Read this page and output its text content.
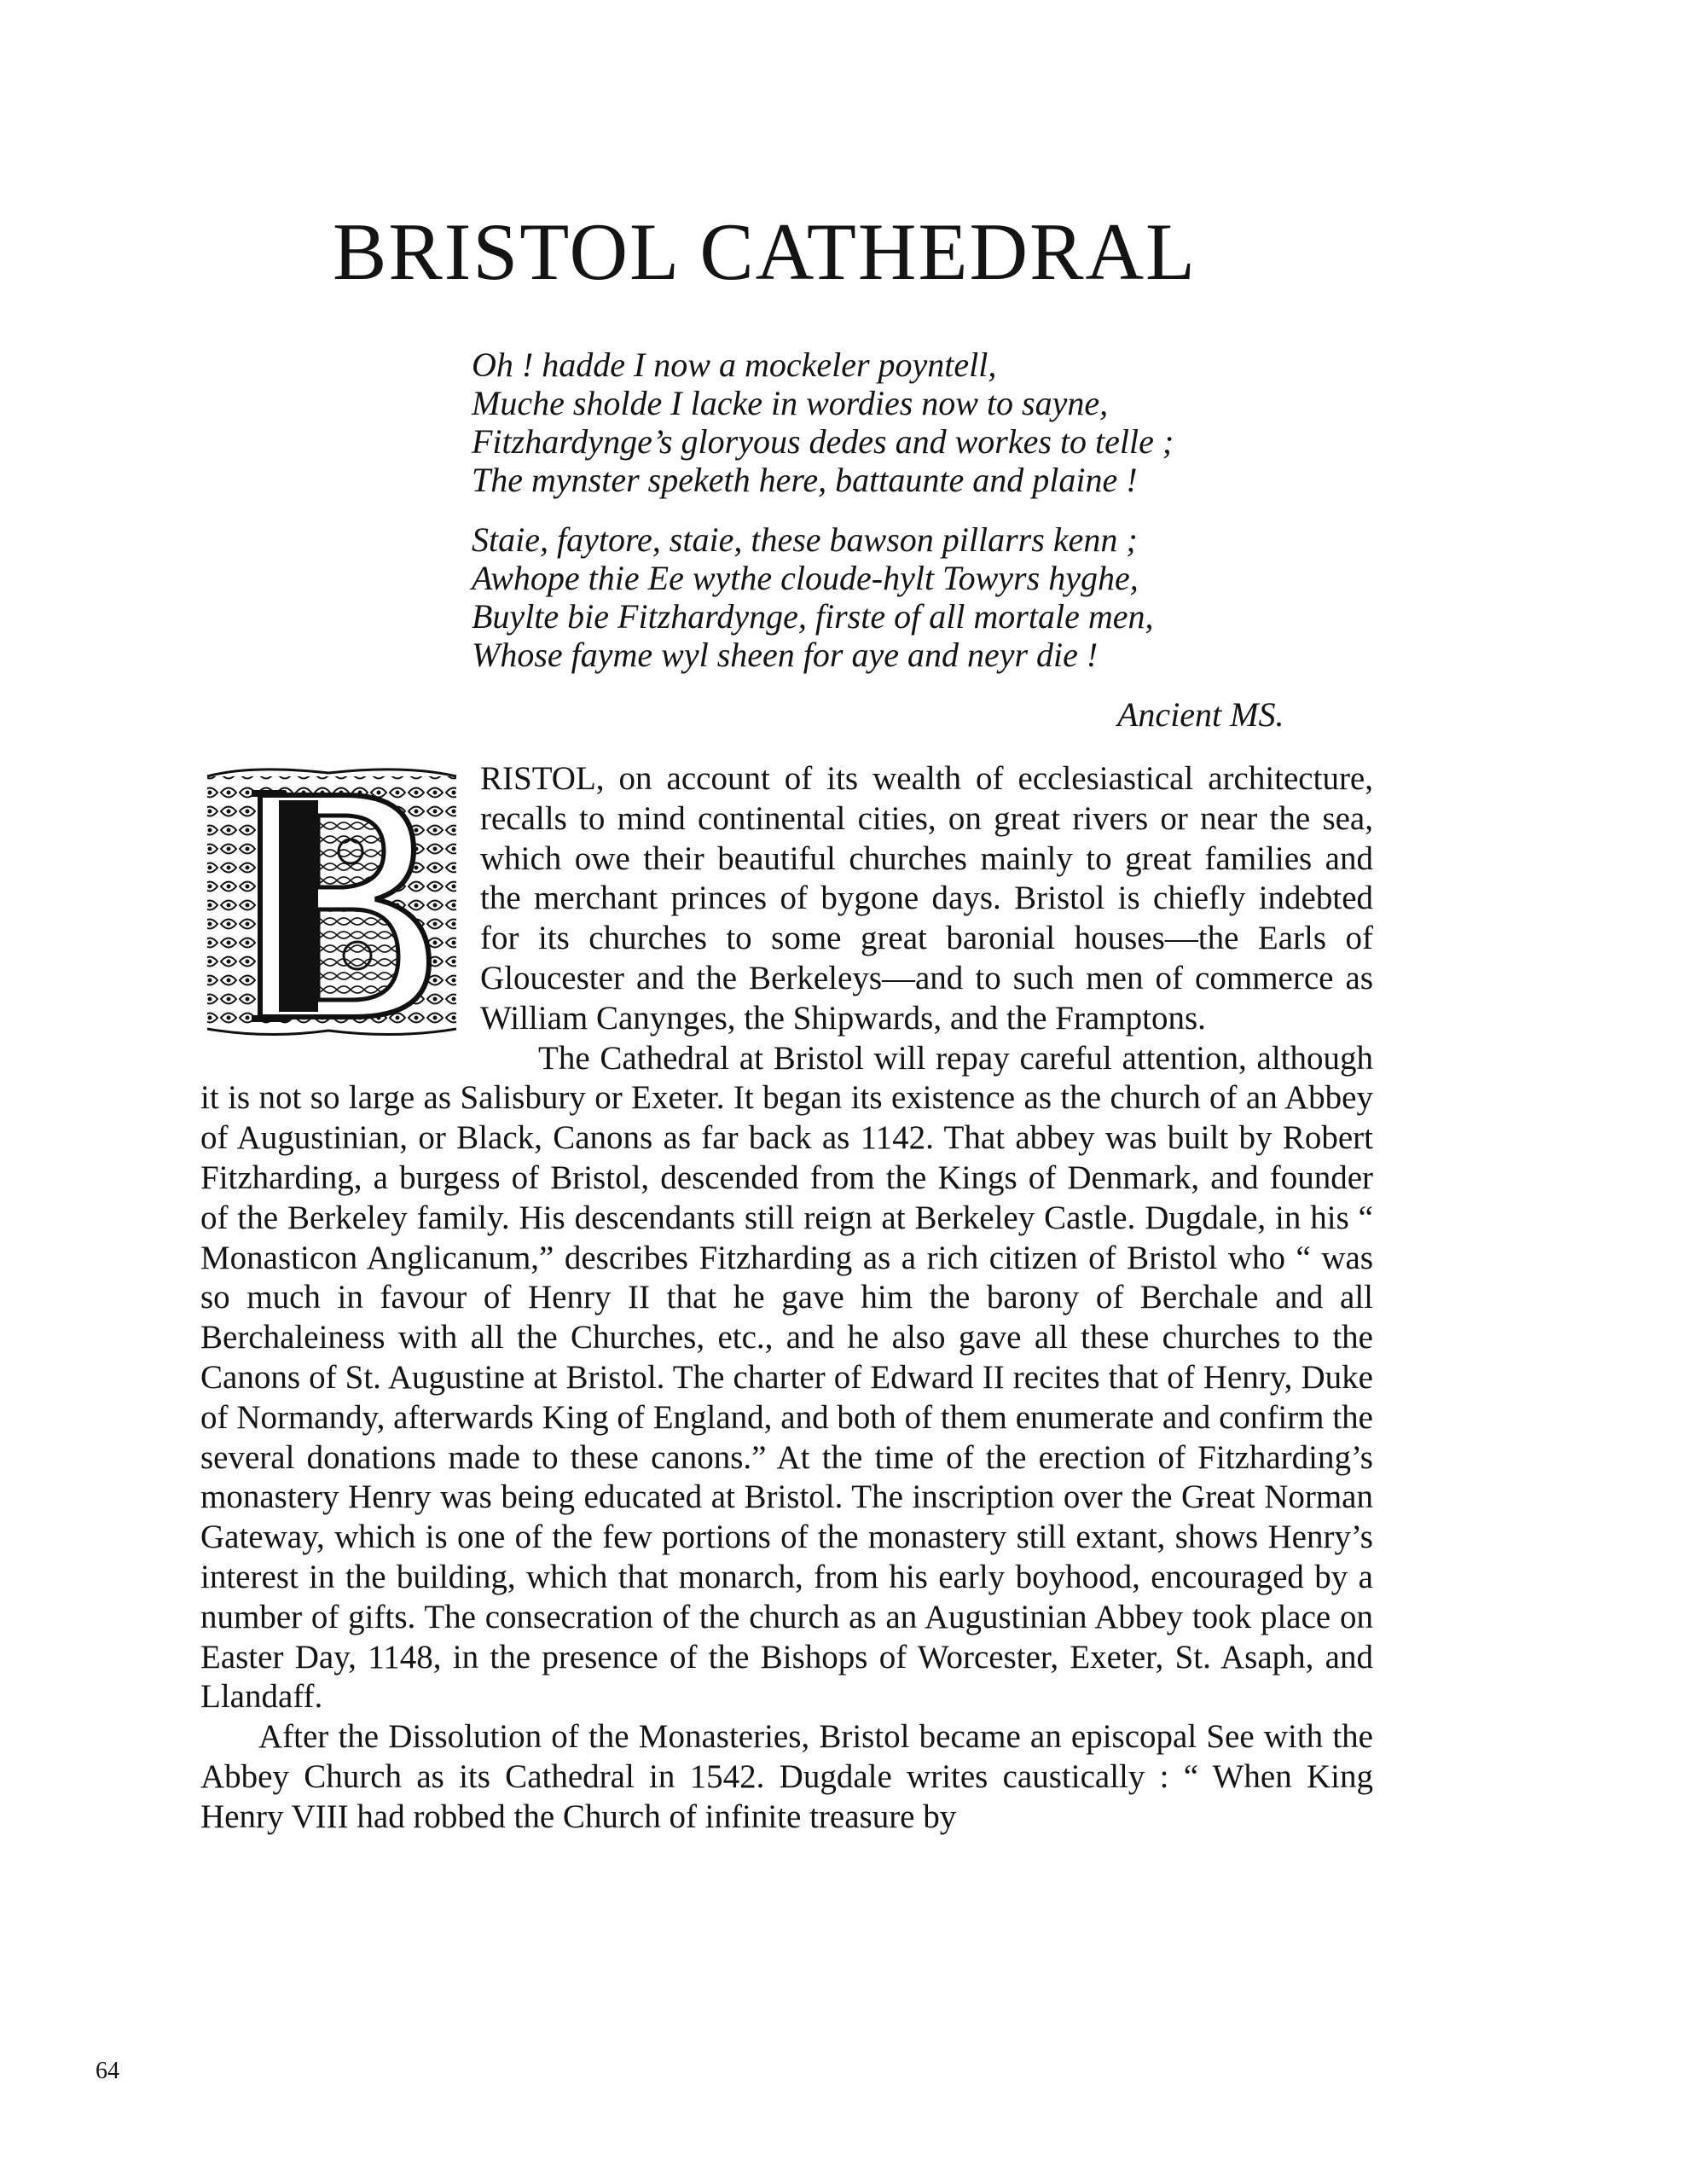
BRISTOL CATHEDRAL
Oh ! hadde I now a mockeler poyntell,
Muche sholde I lacke in wordies now to sayne,
Fitzhardynge’s gloryous dedes and workes to telle ;
The mynster speketh here, battaunte and plaine !
Staie, faytore, staie, these bawson pillarrs kenn ;
Awhope thie Ee wythe cloude-hylt Towyrs hyghe,
Buylte bie Fitzhardynge, firste of all mortale men,
Whose fayme wyl sheen for aye and neyr die !
Ancient MS.

RISTOL, on account of its wealth of ecclesiastical architecture, recalls to mind continental cities, on great rivers or near the sea, which owe their beautiful churches mainly to great families and the merchant princes of bygone days. Bristol is chiefly indebted for its churches to some great baronial houses—the Earls of Gloucester and the Berkeleys—and to such men of commerce as William Canynges, the Shipwards, and the Framptons.

The Cathedral at Bristol will repay careful attention, although it is not so large as Salisbury or Exeter. It began its existence as the church of an Abbey of Augustinian, or Black, Canons as far back as 1142. That abbey was built by Robert Fitzharding, a burgess of Bristol, descended from the Kings of Denmark, and founder of the Berkeley family. His descendants still reign at Berkeley Castle. Dugdale, in his “ Monasticon Anglicanum,” describes Fitzharding as a rich citizen of Bristol who “ was so much in favour of Henry II that he gave him the barony of Berchale and all Berchaleiness with all the Churches, etc., and he also gave all these churches to the Canons of St. Augustine at Bristol. The charter of Edward II recites that of Henry, Duke of Normandy, afterwards King of England, and both of them enumerate and confirm the several donations made to these canons.” At the time of the erection of Fitzharding’s monastery Henry was being educated at Bristol. The inscription over the Great Norman Gateway, which is one of the few portions of the monastery still extant, shows Henry’s interest in the building, which that monarch, from his early boyhood, encouraged by a number of gifts. The consecration of the church as an Augustinian Abbey took place on Easter Day, 1148, in the presence of the Bishops of Worcester, Exeter, St. Asaph, and Llandaff.

After the Dissolution of the Monasteries, Bristol became an episcopal See with the Abbey Church as its Cathedral in 1542. Dugdale writes caustically : “ When King Henry VIII had robbed the Church of infinite treasure by

64
